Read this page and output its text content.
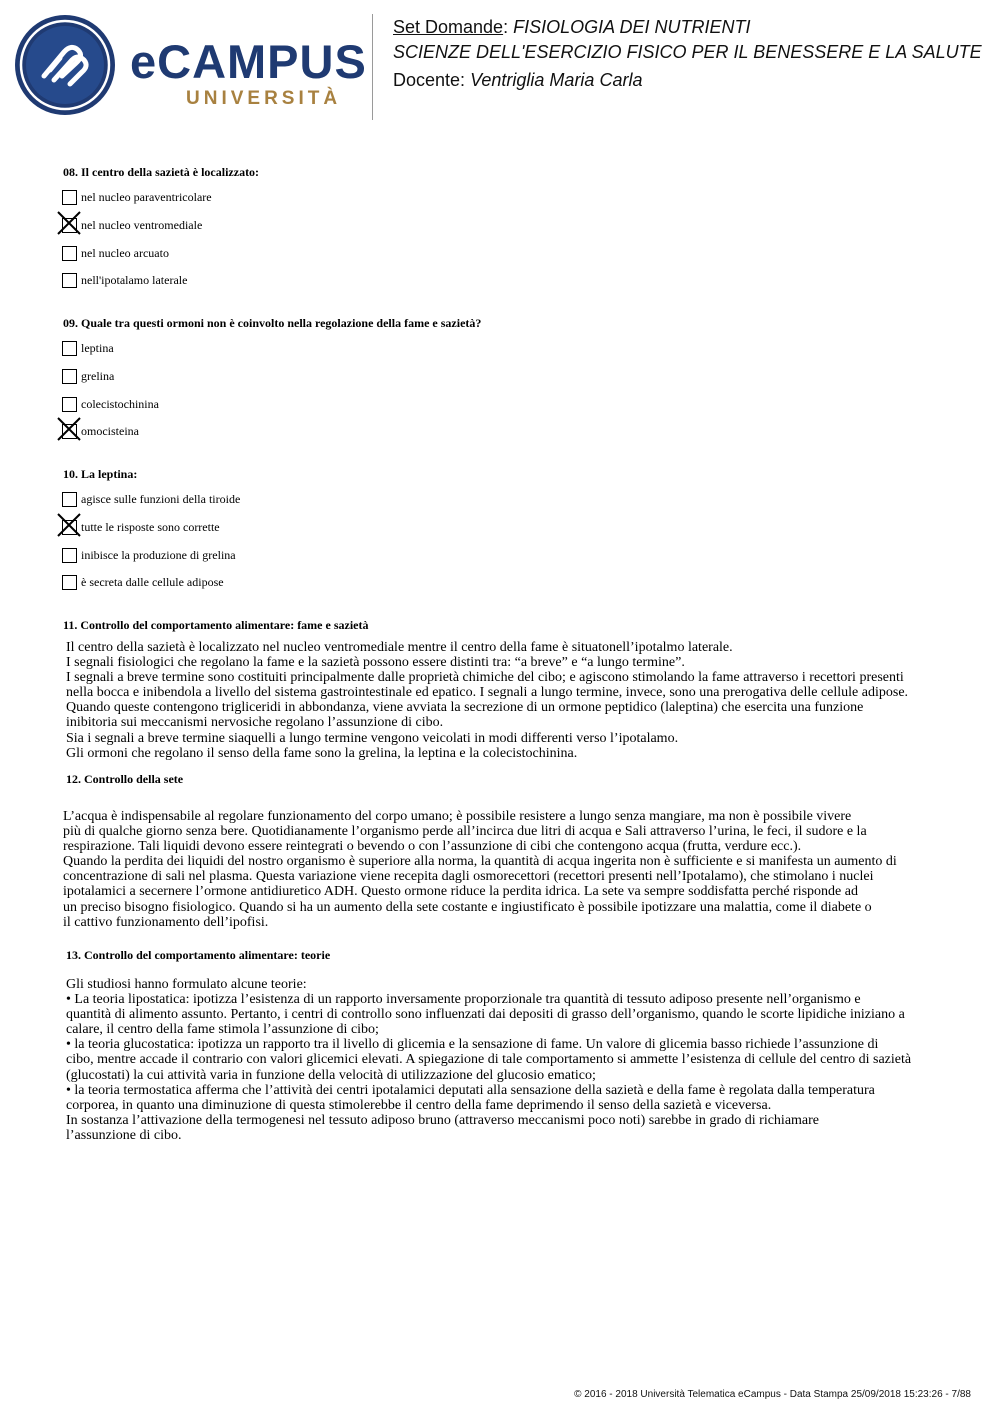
eCAMPUS
UNIVERSITÀ
Set Domande: FISIOLOGIA DEI NUTRIENTI
SCIENZE DELL'ESERCIZIO FISICO PER IL BENESSERE E LA SALUTE
Docente: Ventriglia Maria Carla
08. Il centro della sazietà è localizzato:
nel nucleo paraventricolare
nel nucleo ventromediale
nel nucleo arcuato
nell'ipotalamo laterale
09. Quale tra questi ormoni non è coinvolto nella regolazione della fame e sazietà?
leptina
grelina
colecistochinina
omocisteina
10. La leptina:
agisce sulle funzioni della tiroide
tutte le risposte sono corrette
inibisce la produzione di grelina
è secreta dalle cellule adipose
11. Controllo del comportamento alimentare: fame e sazietà
Il centro della sazietà è localizzato nel nucleo ventromediale mentre il centro della fame è situatonell’ipotalmo laterale.
I segnali fisiologici che regolano la fame e la sazietà possono essere distinti tra: “a breve” e “a lungo termine”.
I segnali a breve termine sono costituiti principalmente dalle proprietà chimiche del cibo; e agiscono stimolando la fame attraverso i recettori presenti
nella bocca e inibendola a livello del sistema gastrointestinale ed epatico. I segnali a lungo termine, invece, sono una prerogativa delle cellule adipose.
Quando queste contengono trigliceridi in abbondanza, viene avviata la secrezione di un ormone peptidico (laleptina) che esercita una funzione
inibitoria sui meccanismi nervosiche regolano l’assunzione di cibo.
Sia i segnali a breve termine siaquelli a lungo termine vengono veicolati in modi differenti verso l’ipotalamo.
Gli ormoni che regolano il senso della fame sono la grelina, la leptina e la colecistochinina.
12. Controllo della sete
L’acqua è indispensabile al regolare funzionamento del corpo umano; è possibile resistere a lungo senza mangiare, ma non è possibile vivere
più di qualche giorno senza bere. Quotidianamente l’organismo perde all’incirca due litri di acqua e Sali attraverso l’urina, le feci, il sudore e la
respirazione. Tali liquidi devono essere reintegrati o bevendo o con l’assunzione di cibi che contengono acqua (frutta, verdure ecc.).
Quando la perdita dei liquidi del nostro organismo è superiore alla norma, la quantità di acqua ingerita non è sufficiente e si manifesta un aumento di
concentrazione di sali nel plasma. Questa variazione viene recepita dagli osmorecettori (recettori presenti nell’Ipotalamo), che stimolano i nuclei
ipotalamici a secernere l’ormone antidiuretico ADH. Questo ormone riduce la perdita idrica. La sete va sempre soddisfatta perché risponde ad
un preciso bisogno fisiologico. Quando si ha un aumento della sete costante e ingiustificato è possibile ipotizzare una malattia, come il diabete o
il cattivo funzionamento dell’ipofisi.
13. Controllo del comportamento alimentare: teorie
Gli studiosi hanno formulato alcune teorie:
• La teoria lipostatica: ipotizza l’esistenza di un rapporto inversamente proporzionale tra quantità di tessuto adiposo presente nell’organismo e
quantità di alimento assunto. Pertanto, i centri di controllo sono influenzati dai depositi di grasso dell’organismo, quando le scorte lipidiche iniziano a
calare, il centro della fame stimola l’assunzione di cibo;
• la teoria glucostatica: ipotizza un rapporto tra il livello di glicemia e la sensazione di fame. Un valore di glicemia basso richiede l’assunzione di
cibo, mentre accade il contrario con valori glicemici elevati. A spiegazione di tale comportamento si ammette l’esistenza di cellule del centro di sazietà
(glucostati) la cui attività varia in funzione della velocità di utilizzazione del glucosio ematico;
• la teoria termostatica afferma che l’attività dei centri ipotalamici deputati alla sensazione della sazietà e della fame è regolata dalla temperatura
corporea, in quanto una diminuzione di questa stimolerebbe il centro della fame deprimendo il senso della sazietà e viceversa.
In sostanza l’attivazione della termogenesi nel tessuto adiposo bruno (attraverso meccanismi poco noti) sarebbe in grado di richiamare
l’assunzione di cibo.
© 2016 - 2018 Università Telematica eCampus - Data Stampa 25/09/2018 15:23:26 - 7/88
